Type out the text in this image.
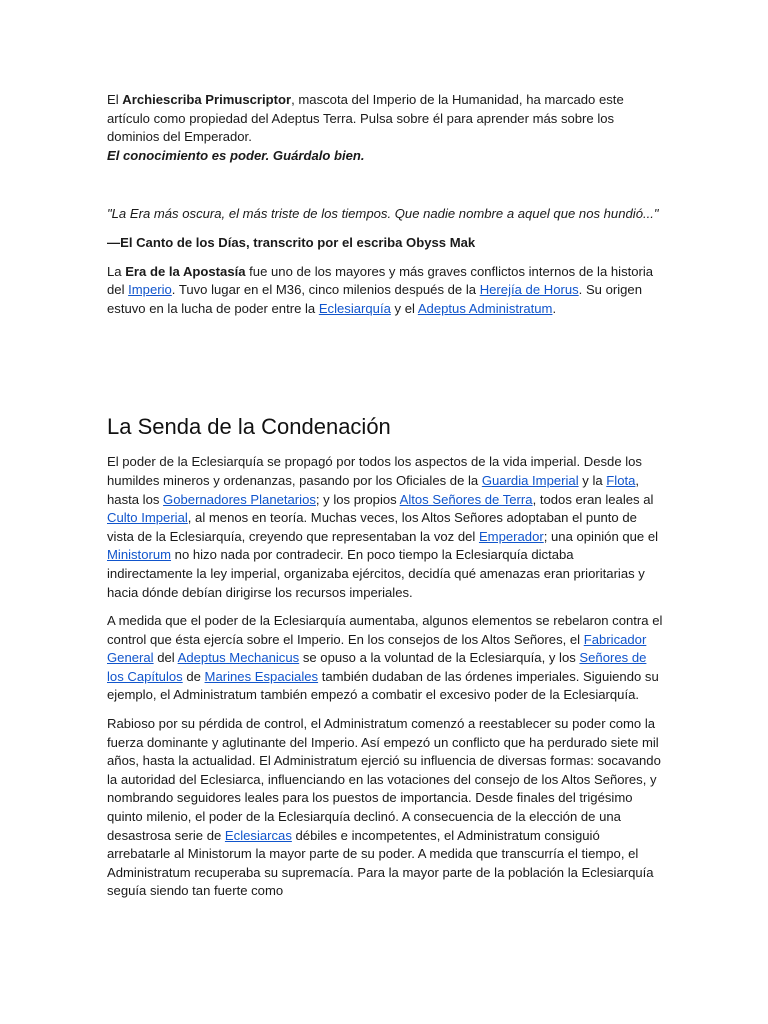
El Archiescriba Primuscriptor, mascota del Imperio de la Humanidad, ha marcado este artículo como propiedad del Adeptus Terra. Pulsa sobre él para aprender más sobre los dominios del Emperador.

El conocimiento es poder. Guárdalo bien.

"La Era más oscura, el más triste de los tiempos. Que nadie nombre a aquel que nos hundió..."

—El Canto de los Días, transcrito por el escriba Obyss Mak

La Era de la Apostasía fue uno de los mayores y más graves conflictos internos de la historia del Imperio. Tuvo lugar en el M36, cinco milenios después de la Herejía de Horus. Su origen estuvo en la lucha de poder entre la Eclesiarquía y el Adeptus Administratum.

La Senda de la Condenación

El poder de la Eclesiarquía se propagó por todos los aspectos de la vida imperial. Desde los humildes mineros y ordenanzas, pasando por los Oficiales de la Guardia Imperial y la Flota, hasta los Gobernadores Planetarios; y los propios Altos Señores de Terra, todos eran leales al Culto Imperial, al menos en teoría. Muchas veces, los Altos Señores adoptaban el punto de vista de la Eclesiarquía, creyendo que representaban la voz del Emperador; una opinión que el Ministorum no hizo nada por contradecir. En poco tiempo la Eclesiarquía dictaba indirectamente la ley imperial, organizaba ejércitos, decidía qué amenazas eran prioritarias y hacia dónde debían dirigirse los recursos imperiales.

A medida que el poder de la Eclesiarquía aumentaba, algunos elementos se rebelaron contra el control que ésta ejercía sobre el Imperio. En los consejos de los Altos Señores, el Fabricador General del Adeptus Mechanicus se opuso a la voluntad de la Eclesiarquía, y los Señores de los Capítulos de Marines Espaciales también dudaban de las órdenes imperiales. Siguiendo su ejemplo, el Administratum también empezó a combatir el excesivo poder de la Eclesiarquía.

Rabioso por su pérdida de control, el Administratum comenzó a reestablecer su poder como la fuerza dominante y aglutinante del Imperio. Así empezó un conflicto que ha perdurado siete mil años, hasta la actualidad. El Administratum ejerció su influencia de diversas formas: socavando la autoridad del Eclesiarca, influenciando en las votaciones del consejo de los Altos Señores, y nombrando seguidores leales para los puestos de importancia. Desde finales del trigésimo quinto milenio, el poder de la Eclesiarquía declinó. A consecuencia de la elección de una desastrosa serie de Eclesiarcas débiles e incompetentes, el Administratum consiguió arrebatarle al Ministorum la mayor parte de su poder. A medida que transcurría el tiempo, el Administratum recuperaba su supremacía. Para la mayor parte de la población la Eclesiarquía seguía siendo tan fuerte como
